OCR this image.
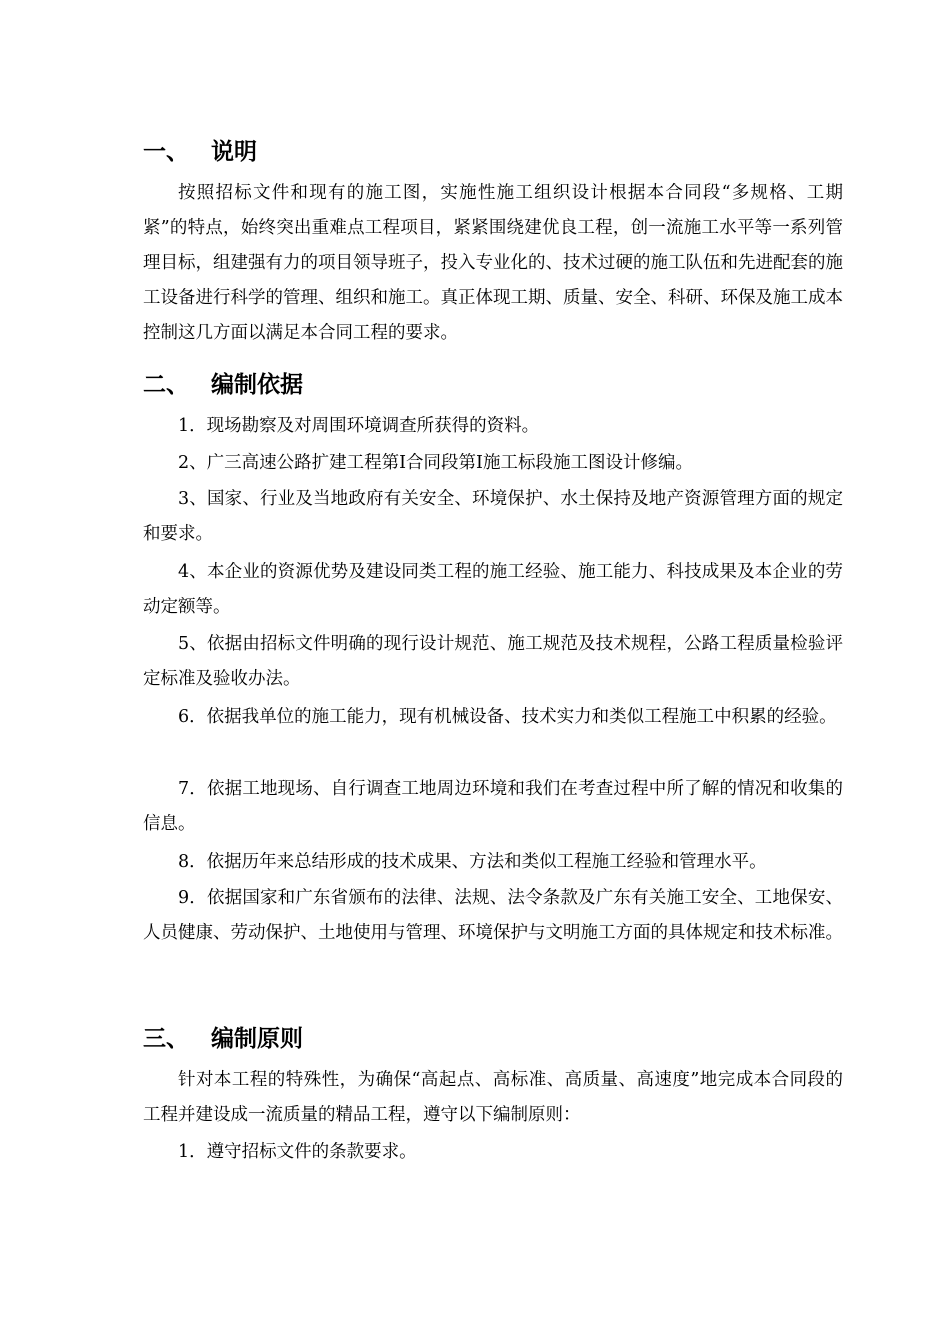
一、 说明

按照招标文件和现有的施工图，实施性施工组织设计根据本合同段“多规格、工期紧”的特点，始终突出重难点工程项目，紧紧围绕建优良工程，创一流施工水平等一系列管理目标，组建强有力的项目领导班子，投入专业化的、技术过硬的施工队伍和先进配套的施工设备进行科学的管理、组织和施工。真正体现工期、质量、安全、科研、环保及施工成本控制这几方面以满足本合同工程的要求。

二、 编制依据

1．现场勘察及对周围环境调查所获得的资料。

2、广三高速公路扩建工程第Ⅰ合同段第Ⅰ施工标段施工图设计修编。

3、国家、行业及当地政府有关安全、环境保护、水土保持及地产资源管理方面的规定和要求。

4、本企业的资源优势及建设同类工程的施工经验、施工能力、科技成果及本企业的劳动定额等。

5、依据由招标文件明确的现行设计规范、施工规范及技术规程，公路工程质量检验评定标准及验收办法。

6．依据我单位的施工能力，现有机械设备、技术实力和类似工程施工中积累的经验。

7．依据工地现场、自行调查工地周边环境和我们在考查过程中所了解的情况和收集的信息。

8．依据历年来总结形成的技术成果、方法和类似工程施工经验和管理水平。

9．依据国家和广东省颁布的法律、法规、法令条款及广东有关施工安全、工地保安、人员健康、劳动保护、土地使用与管理、环境保护与文明施工方面的具体规定和技术标准。

三、 编制原则

针对本工程的特殊性，为确保“高起点、高标准、高质量、高速度”地完成本合同段的工程并建设成一流质量的精品工程，遵守以下编制原则：

1．遵守招标文件的条款要求。
